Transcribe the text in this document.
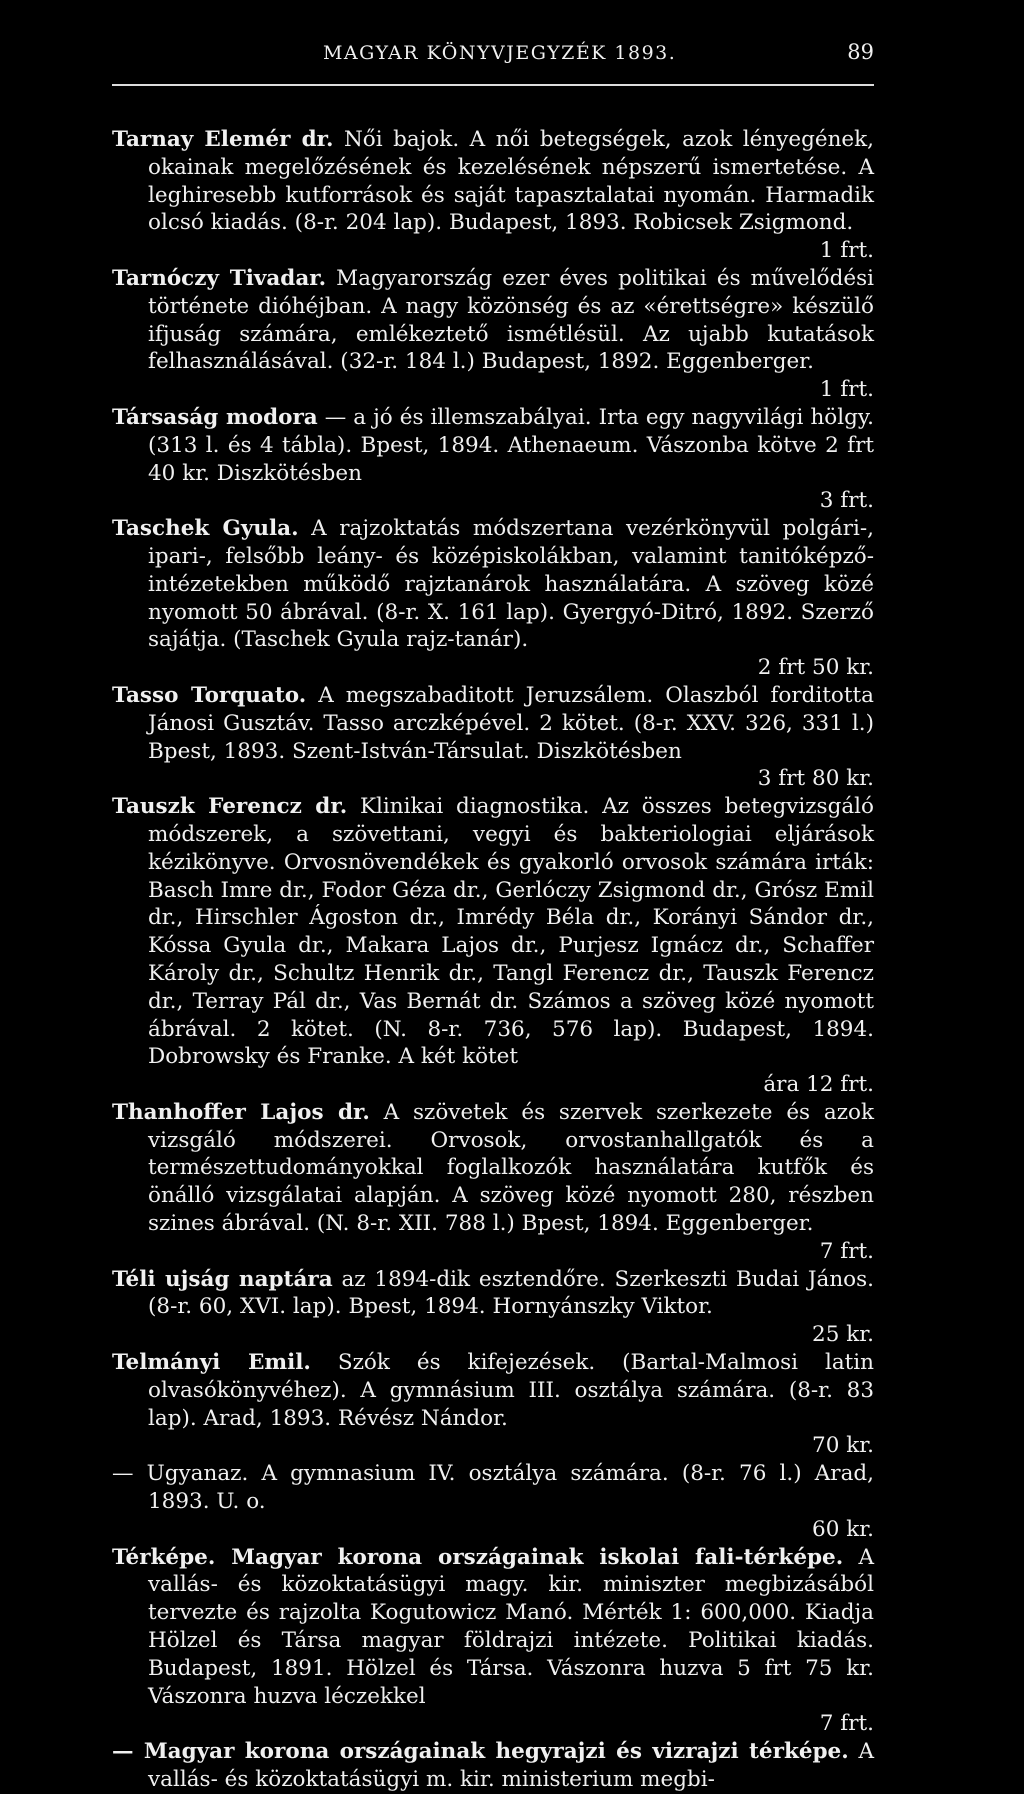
MAGYAR KÖNYVJEGYZÉK 1893.	89
Tarnay Elemér dr. Női bajok. A női betegségek, azok lényegének, okainak megelőzésének és kezelésének népszerű ismertetése. A leghiresebb kutforrások és saját tapasztalatai nyomán. Harmadik olcsó kiadás. (8-r. 204 lap). Budapest, 1893. Robicsek Zsigmond.
1 frt.
Tarnóczy Tivadar. Magyarország ezer éves politikai és művelődési története dióhéjban. A nagy közönség és az «érettségre» készülő ifjuság számára, emlékeztető ismétlésül. Az ujabb kutatások felhasználásával. (32-r. 184 l.) Budapest, 1892. Eggenberger.
1 frt.
Társaság modora — a jó és illemszabályai. Irta egy nagyvilági hölgy. (313 l. és 4 tábla). Bpest, 1894. Athenaeum. Vászonba kötve 2 frt 40 kr. Diszkötésben
3 frt.
Taschek Gyula. A rajzoktatás módszertana vezérkönyvül polgári-, ipari-, felsőbb leány- és középiskolákban, valamint tanitóképző-intézetekben működő rajztanárok használatára. A szöveg közé nyomott 50 ábrával. (8-r. X. 161 lap). Gyergyó-Ditró, 1892. Szerző sajátja. (Taschek Gyula rajz-tanár).
2 frt 50 kr.
Tasso Torquato. A megszabaditott Jeruzsálem. Olaszból forditotta Jánosi Gusztáv. Tasso arczképével. 2 kötet. (8-r. XXV. 326, 331 l.) Bpest, 1893. Szent-István-Társulat. Diszkötésben
3 frt 80 kr.
Tauszk Ferencz dr. Klinikai diagnostika. Az összes betegvizsgáló módszerek, a szövettani, vegyi és bakteriologiai eljárások kézikönyve. Orvosnövendékek és gyakorló orvosok számára irták: Basch Imre dr., Fodor Géza dr., Gerlóczy Zsigmond dr., Grósz Emil dr., Hirschler Ágoston dr., Imrédy Béla dr., Korányi Sándor dr., Kóssa Gyula dr., Makara Lajos dr., Purjesz Ignácz dr., Schaffer Károly dr., Schultz Henrik dr., Tangl Ferencz dr., Tauszk Ferencz dr., Terray Pál dr., Vas Bernát dr. Számos a szöveg közé nyomott ábrával. 2 kötet. (N. 8-r. 736, 576 lap). Budapest, 1894. Dobrowsky és Franke. A két kötet
ára 12 frt.
Thanhoffer Lajos dr. A szövetek és szervek szerkezete és azok vizsgáló módszerei. Orvosok, orvostanhallgatók és a természettudományokkal foglalkozók használatára kutfők és önálló vizsgálatai alapján. A szöveg közé nyomott 280, részben szines ábrával. (N. 8-r. XII. 788 l.) Bpest, 1894. Eggenberger.
7 frt.
Téli ujság naptára az 1894-dik esztendőre. Szerkeszti Budai János. (8-r. 60, XVI. lap). Bpest, 1894. Hornyánszky Viktor.
25 kr.
Telmányi Emil. Szók és kifejezések. (Bartal-Malmosi latin olvasókönyvéhez). A gymnásium III. osztálya számára. (8-r. 83 lap). Arad, 1893. Révész Nándor.
70 kr.
— Ugyanaz. A gymnasium IV. osztálya számára. (8-r. 76 l.) Arad, 1893. U. o.
60 kr.
Térképe. Magyar korona országainak iskolai fali-térképe. A vallás- és közoktatásügyi magy. kir. miniszter megbizásából tervezte és rajzolta Kogutowicz Manó. Mérték 1: 600,000. Kiadja Hölzel és Társa magyar földrajzi intézete. Politikai kiadás. Budapest, 1891. Hölzel és Társa. Vászonra huzva 5 frt 75 kr. Vászonra huzva léczekkel
7 frt.
— Magyar korona országainak hegyrajzi és vizrajzi térképe. A vallás- és közoktatásügyi m. kir. ministerium megbi-
